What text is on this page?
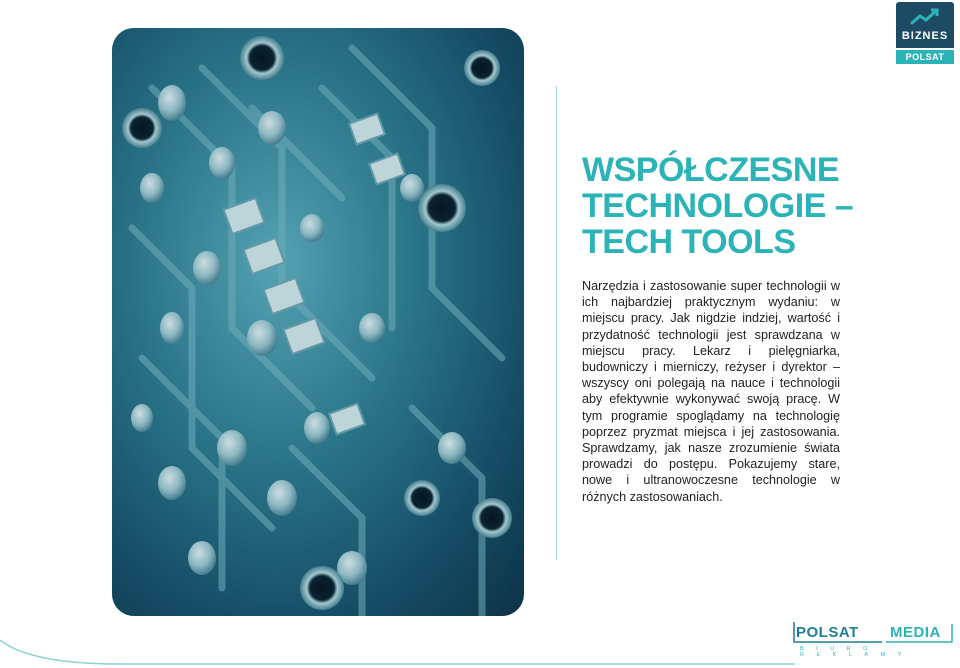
WSPÓŁCZESNE
TECHNOLOGIE –
TECH TOOLS
Narzędzia i zastosowanie super technologii w ich najbardziej praktycznym wydaniu: w miejscu pracy. Jak nigdzie indziej, wartość i przydatność technologii jest sprawdzana w miejscu pracy. Lekarz i pielęgniarka, budowniczy i mierniczy, reżyser i dyrektor – wszyscy oni polegają na nauce i technologii aby efektywnie wykonywać swoją pracę. W tym programie spoglądamy na technologię poprzez pryzmat miejsca i jej zastosowania. Sprawdzamy, jak nasze zrozumienie świata prowadzi do postępu. Pokazujemy stare, nowe i ultranowoczesne technologie w różnych zastosowaniach.
BIZNES
POLSAT
POLSAT MEDIA
BIURO REKLAMY
